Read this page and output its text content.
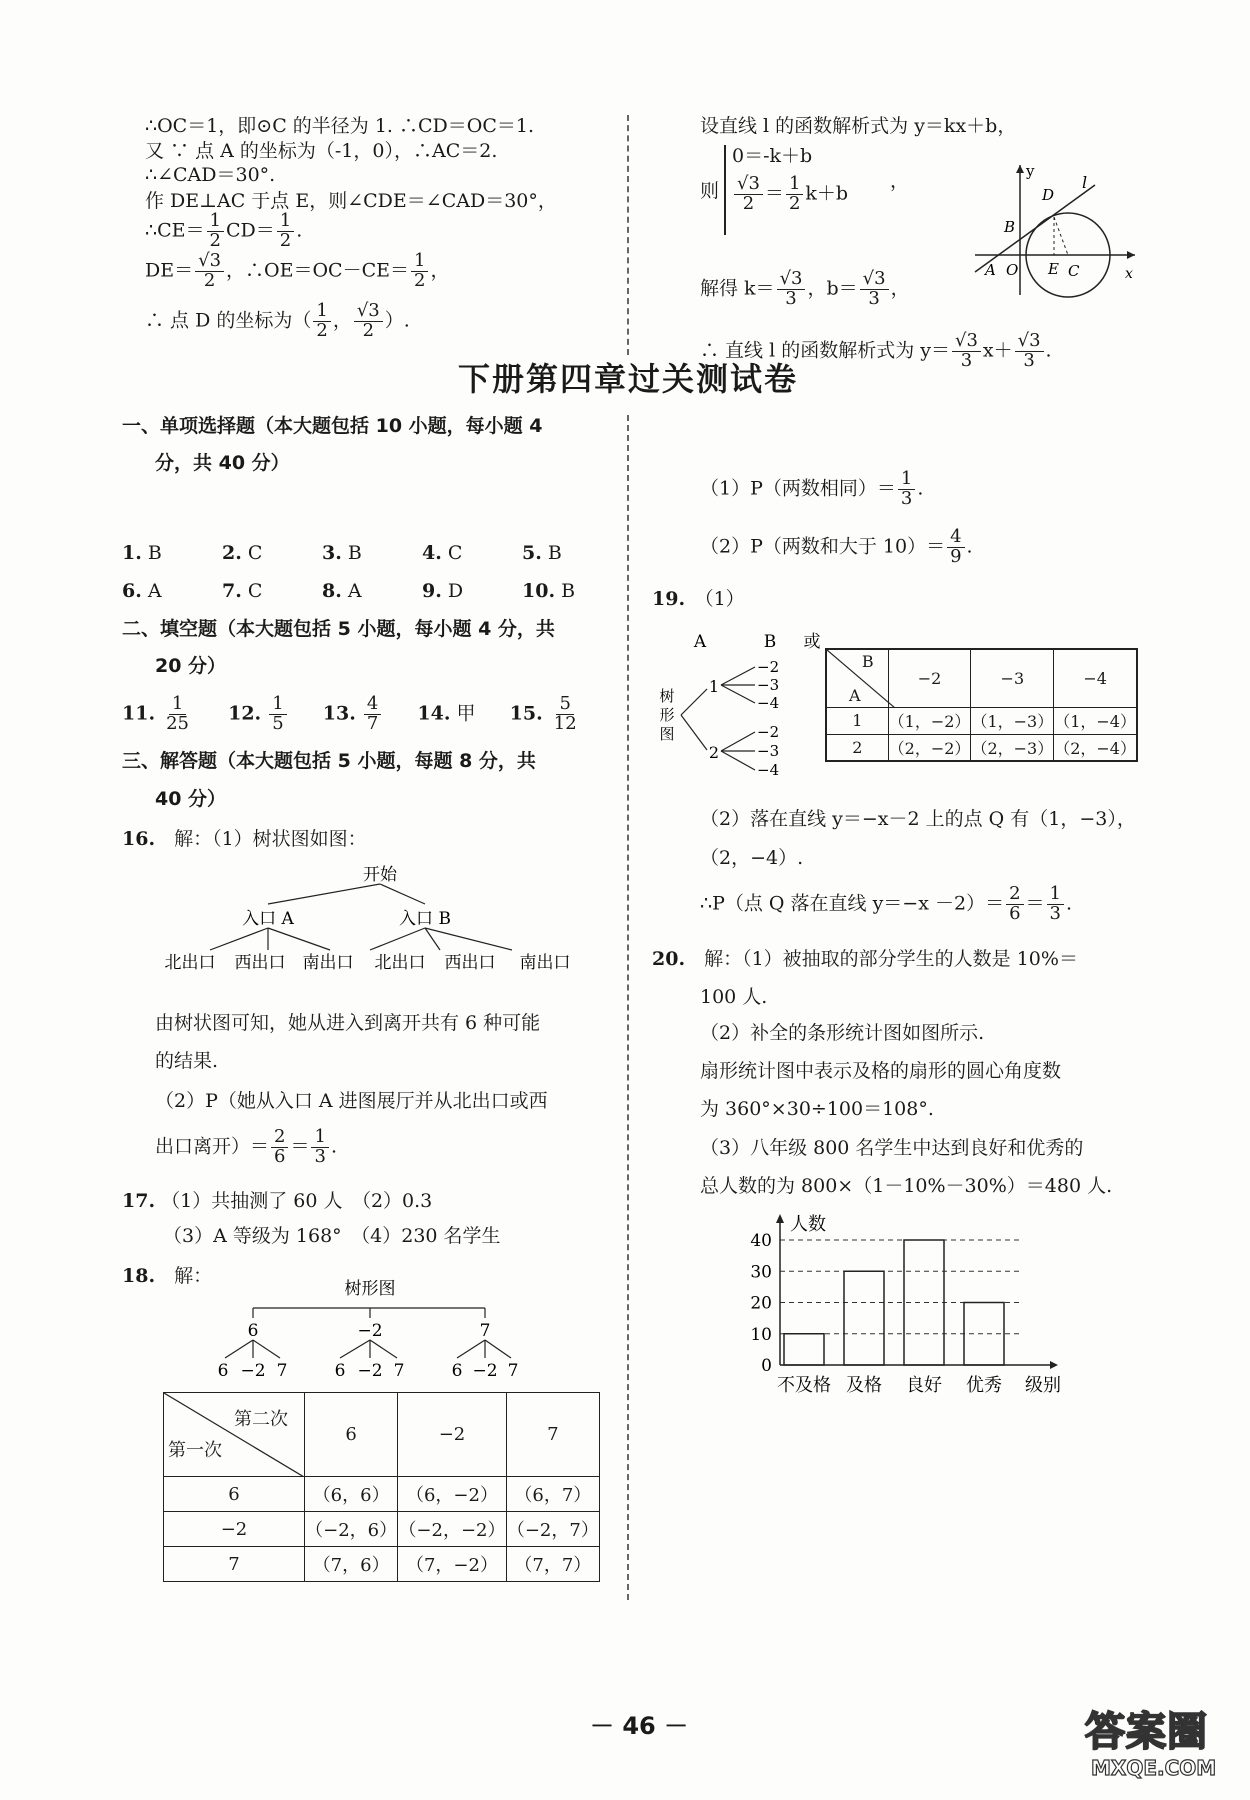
∴OC＝1，即⊙C 的半径为 1. ∴CD＝OC＝1.
又 ∵ 点 A 的坐标为（-1，0），∴AC＝2.
∴∠CAD＝30°.
作 DE⊥AC 于点 E，则∠CDE＝∠CAD＝30°，
∴CE＝ $\frac{1}{2} CD= \frac{1}{2}$ .
$DE= \frac{√3}{2}$ ，∴OE＝OC－CE＝ $\frac{1}{2}$ ，
∴ 点 D 的坐标为（ $\frac{1}{2}$ ， $\frac{√3}{2}$ ）.
设直线 l 的函数解析式为 y＝kx＋b，
则
0＝-k＋b
$\frac{√3}{2} = \frac{1}{2} k+b$
，
解得 $k= \frac{√3}{3}$ ，$b= \frac{√3}{3}$ ，
∴ 直线 l 的函数解析式为 $y= \frac{√3}{3} x+ \frac{√3}{3}$ .
y
l
D
B
A O E C	x
下册第四章过关测试卷
一、单项选择题（本大题包括 10 小题，每小题 4
分，共 40 分）
1. B	2. C	3. B	4. C	5. B
6. A	7. C	8. A	9. D	10. B
二、填空题（本大题包括 5 小题，每小题 4 分，共
20 分）
11. $\frac{1}{25} 12$. $\frac{1}{5} 13$. $\frac{4}{7} 14$. 甲 15. $\frac{5}{12}$
三、解答题（本大题包括 5 小题，每题 8 分，共
40 分）
16.　 解：（1）树状图如图：
开始
入口 A	入口 B
北出口 西出口 南出口 北出口 西出口 南出口
由树状图可知，她从进入到离开共有 6 种可能
的结果.
（2）P（她从入口 A 进图展厅并从北出口或西
出口离开）＝ $\frac{2}{6} = \frac{1}{3}$ .
17. （1）共抽测了 60 人　（2）0.3
（3）A 等级为 168°　（4）230 名学生
18.　 解：
树形图
6	−2	7
6 −2 7	6 −2 7	6 −2 7
第二次
第一次	6	−2	7
6	（6，6）	（6，−2）	（6，7）
−2	（−2，6）	（−2，−2）	（−2，7）
7	（7，6）	（7，−2）	（7，7）
（1）P（两数相同）＝ $\frac{1}{3}$ .
（2）P（两数和大于 $10)= \frac{4}{9}$ .
19.　 （1）
A	B 或
树
形
图
1
2
−2
−3
−4
−2
−3
−4
B
A	−2	−3	−4
1	（1，−2）	（1，−3）	（1，−4）
2	（2，−2）	（2，−3）	（2，−4）
（2）落在直线 y＝−x－2 上的点 Q 有（1，−3），
（2，−4）.
∴P（点 Q 落在直线 $y=-x -2)= \frac{2}{6} = \frac{1}{3}$ .
20.　 解：（1）被抽取的部分学生的人数是 10%＝
100 人.
（2）补全的条形统计图如图所示.
扇形统计图中表示及格的扇形的圆心角度数
为 360°×30÷100＝108°.
（3）八年级 800 名学生中达到良好和优秀的
总人数的为 800×（1－10%－30%）＝480 人.
0
10
20
30
40
人数
级别
不及格 及格 良好 优秀
－ 46 －	答案圈
MXQE.COM
